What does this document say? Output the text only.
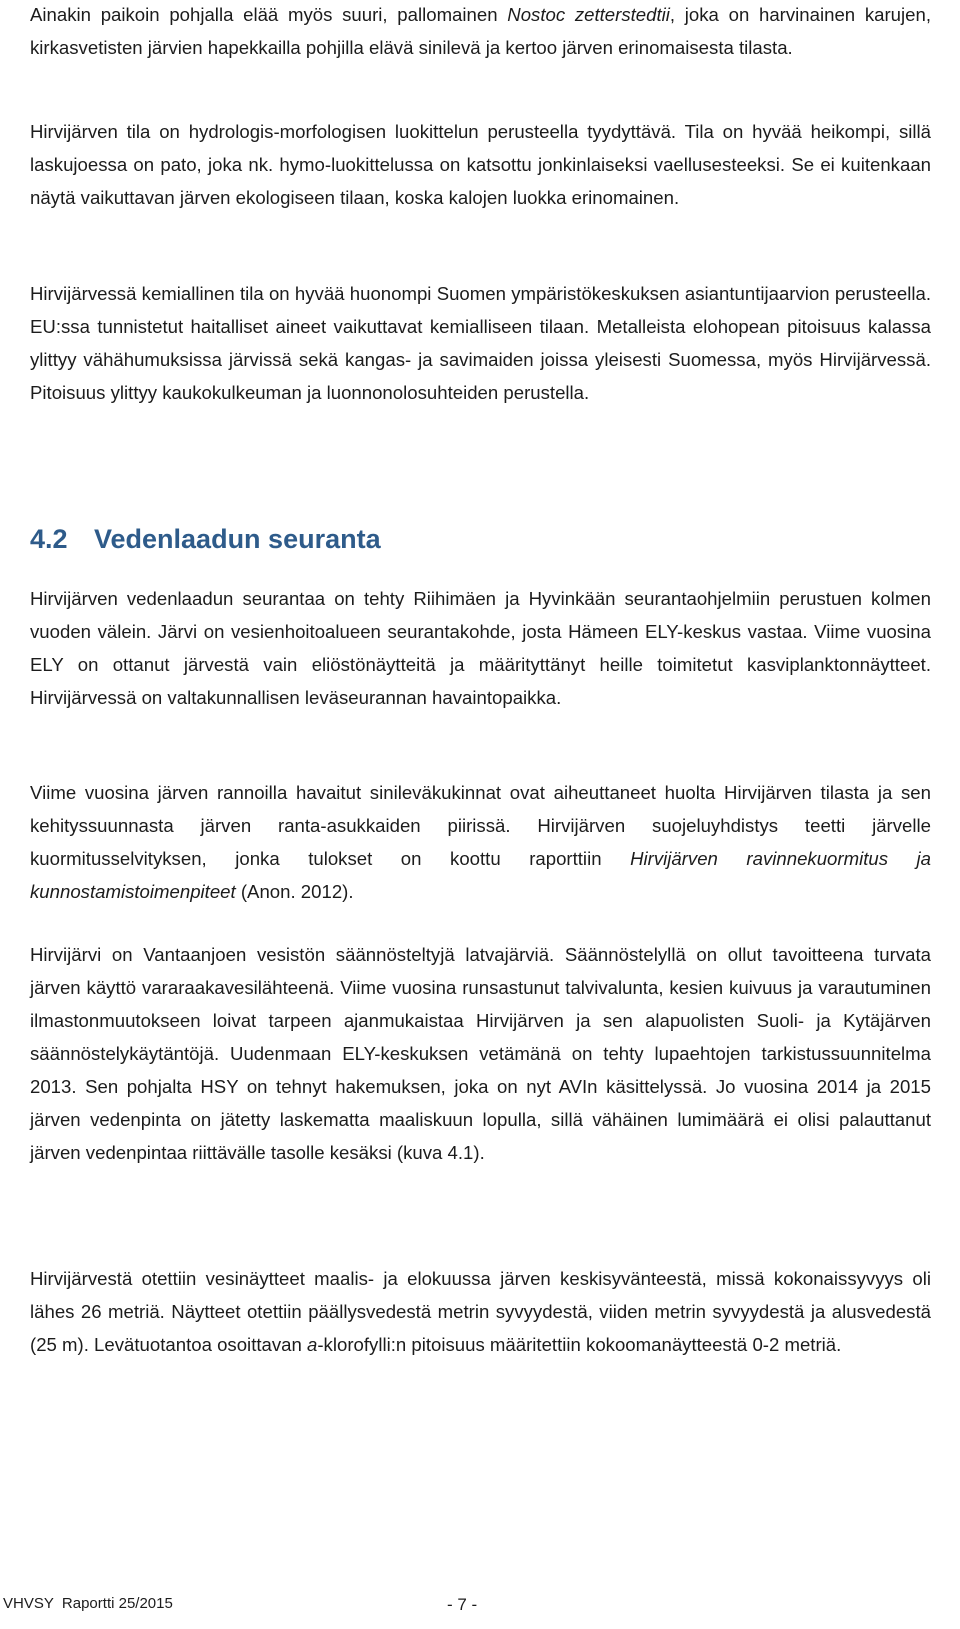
Ainakin paikoin pohjalla elää myös suuri, pallomainen Nostoc zetterstedtii, joka on harvinainen karujen, kirkasvetisten järvien hapekkailla pohjilla elävä sinilevä ja kertoo järven erinomaisesta tilasta.

Hirvijärven tila on hydrologis-morfologisen luokittelun perusteella tyydyttävä. Tila on hyvää heikompi, sillä laskujoessa on pato, joka nk. hymo-luokittelussa on katsottu jonkinlaiseksi vaellusesteeksi. Se ei kuitenkaan näytä vaikuttavan järven ekologiseen tilaan, koska kalojen luokka erinomainen.

Hirvijärvessä kemiallinen tila on hyvää huonompi Suomen ympäristökeskuksen asiantuntijaarvion perusteella. EU:ssa tunnistetut haitalliset aineet vaikuttavat kemialliseen tilaan. Metalleista elohopean pitoisuus kalassa ylittyy vähähumuksissa järvissä sekä kangas- ja savimaiden joissa yleisesti Suomessa, myös Hirvijärvessä. Pitoisuus ylittyy kaukokulkeuman ja luonnonolosuhteiden perustella.

4.2 Vedenlaadun seuranta

Hirvijärven vedenlaadun seurantaa on tehty Riihimäen ja Hyvinkään seurantaohjelmiin perustuen kolmen vuoden välein. Järvi on vesienhoitoalueen seurantakohde, josta Hämeen ELY-keskus vastaa. Viime vuosina ELY on ottanut järvestä vain eliöstönäytteitä ja määrityttänyt heille toimitetut kasviplanktonnäytteet. Hirvijärvessä on valtakunnallisen leväseurannan havaintopaikka.

Viime vuosina järven rannoilla havaitut sinileväkukinnat ovat aiheuttaneet huolta Hirvijärven tilasta ja sen kehityssuunnasta järven ranta-asukkaiden piirissä. Hirvijärven suojeluyhdistys teetti järvelle kuormitusselvityksen, jonka tulokset on koottu raporttiin Hirvijärven ravinnekuormitus ja kunnostamistoimenpiteet (Anon. 2012).

Hirvijärvi on Vantaanjoen vesistön säännösteltyjä latvajärviä. Säännöstelyllä on ollut tavoitteena turvata järven käyttö vararaakavesilähteenä. Viime vuosina runsastunut talvivalunta, kesien kuivuus ja varautuminen ilmastonmuutokseen loivat tarpeen ajanmukaistaa Hirvijärven ja sen alapuolisten Suoli- ja Kytäjärven säännöstelykäytäntöjä. Uudenmaan ELY-keskuksen vetämänä on tehty lupaehtojen tarkistussuunnitelma 2013. Sen pohjalta HSY on tehnyt hakemuksen, joka on nyt AVIn käsittelyssä. Jo vuosina 2014 ja 2015 järven vedenpinta on jätetty laskematta maaliskuun lopulla, sillä vähäinen lumimäärä ei olisi palauttanut järven vedenpintaa riittävälle tasolle kesäksi (kuva 4.1).

Hirvijärvestä otettiin vesinäytteet maalis- ja elokuussa järven keskisyvänteestä, missä kokonaissyvyys oli lähes 26 metriä. Näytteet otettiin päällysvedestä metrin syvyydestä, viiden metrin syvyydestä ja alusvedestä (25 m). Levätuotantoa osoittavan a-klorofylli:n pitoisuus määritettiin kokoomanäytteestä 0-2 metriä.

VHVSY  Raportti 25/2015	- 7 -
